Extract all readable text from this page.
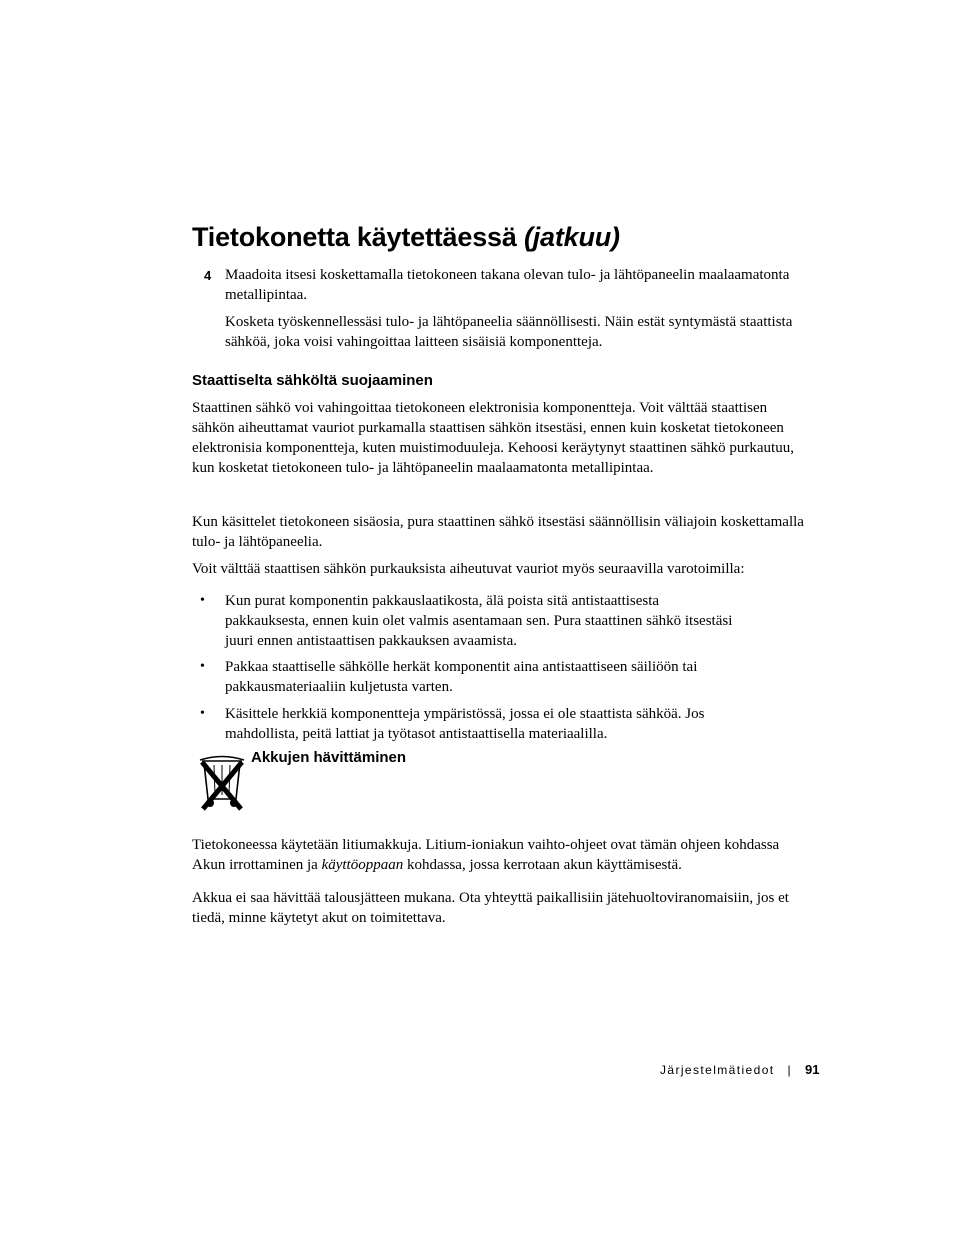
Tietokonetta käytettäessä (jatkuu)
4 Maadoita itsesi koskettamalla tietokoneen takana olevan tulo- ja lähtöpaneelin maalaamatonta metallipintaa.
Kosketa työskennellessäsi tulo- ja lähtöpaneelia säännöllisesti. Näin estät syntymästä staattista sähköä, joka voisi vahingoittaa laitteen sisäisiä komponentteja.
Staattiselta sähköltä suojaaminen
Staattinen sähkö voi vahingoittaa tietokoneen elektronisia komponentteja. Voit välttää staattisen sähkön aiheuttamat vauriot purkamalla staattisen sähkön itsestäsi, ennen kuin kosketat tietokoneen elektronisia komponentteja, kuten muistimoduuleja. Kehoosi keräytynyt staattinen sähkö purkautuu, kun kosketat tietokoneen tulo- ja lähtöpaneelin maalaamatonta metallipintaa.
Kun käsittelet tietokoneen sisäosia, pura staattinen sähkö itsestäsi säännöllisin väliajoin koskettamalla tulo- ja lähtöpaneelia.
Voit välttää staattisen sähkön purkauksista aiheutuvat vauriot myös seuraavilla varotoimilla:
• Kun purat komponentin pakkauslaatikosta, älä poista sitä antistaattisesta pakkauksesta, ennen kuin olet valmis asentamaan sen. Pura staattinen sähkö itsestäsi juuri ennen antistaattisen pakkauksen avaamista.
• Pakkaa staattiselle sähkölle herkät komponentit aina antistaattiseen säiliöön tai pakkausmateriaaliin kuljetusta varten.
• Käsittele herkkiä komponentteja ympäristössä, jossa ei ole staattista sähköä. Jos mahdollista, peitä lattiat ja työtasot antistaattisella materiaalilla.
Akkujen hävittäminen
Tietokoneessa käytetään litiumakkuja. Litium-ioniakun vaihto-ohjeet ovat tämän ohjeen kohdassa Akun irrottaminen ja käyttöoppaan kohdassa, jossa kerrotaan akun käyttämisestä.
Akkua ei saa hävittää talousjätteen mukana. Ota yhteyttä paikallisiin jätehuoltoviranomaisiin, jos et tiedä, minne käytetyt akut on toimitettava.
Järjestelmätiedot | 91
